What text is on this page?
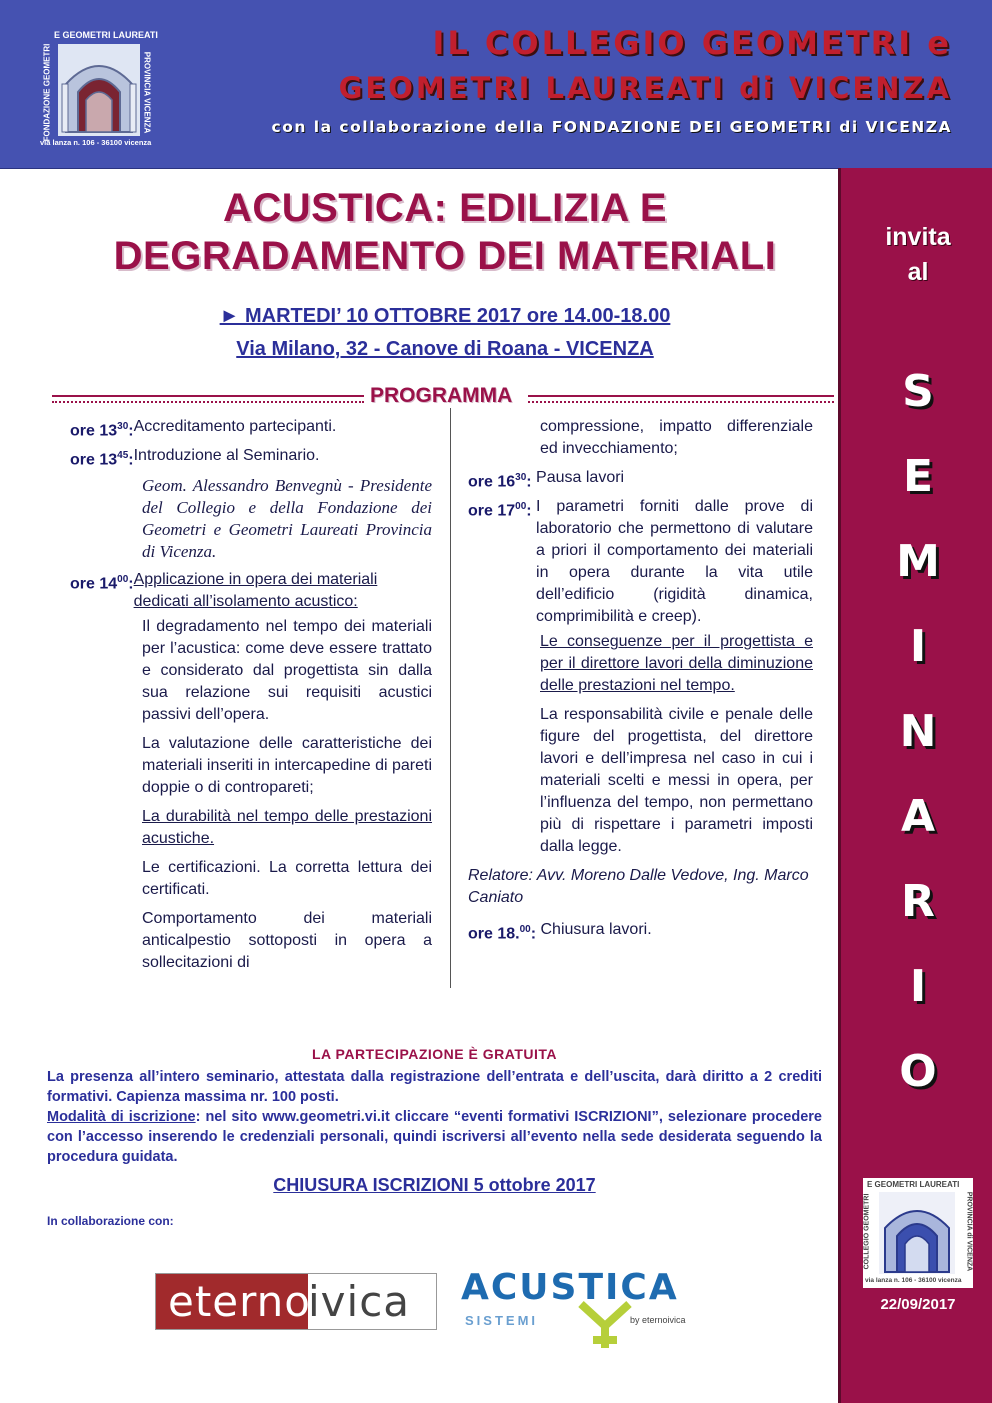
E GEOMETRI LAUREATI
FONDAZIONE GEOMETRI	PROVINCIA VICENZA
via lanza n. 106 - 36100 vicenza
IL COLLEGIO GEOMETRI e
GEOMETRI LAUREATI di VICENZA
con la collaborazione della FONDAZIONE DEI GEOMETRI di VICENZA
invita
al
S
E
M
I
N
A
R
I
O
E GEOMETRI LAUREATI
COLLEGIO GEOMETRI	PROVINCIA di VICENZA
via lanza n. 106 - 36100 vicenza
22/09/2017
ACUSTICA: EDILIZIA E
DEGRADAMENTO DEI MATERIALI
► MARTEDI’ 10 OTTOBRE 2017 ore 14.00-18.00
Via Milano, 32 - Canove di Roana - VICENZA
PROGRAMMA
ore $13^{30}$: Accreditamento partecipanti.
ore $13^{45}$: Introduzione al Seminario.
Geom. Alessandro Benvegnù - Presidente del Collegio e della Fondazione dei Geometri e Geometri Laureati Provincia di Vicenza.
ore $14^{00}$: Applicazione in opera dei materiali dedicati all’isolamento acustico:
Il degradamento nel tempo dei materiali per l’acustica: come deve essere trattato e considerato dal progettista sin dalla sua relazione sui requisiti acustici passivi dell’opera.
La valutazione delle caratteristiche dei materiali inseriti in intercapedine di pareti doppie o di contropareti;
La durabilità nel tempo delle prestazioni acustiche.
Le certificazioni. La corretta lettura dei certificati.
Comportamento dei materiali anticalpestio sottoposti in opera a sollecitazioni di
compressione, impatto differenziale ed invecchiamento;
ore $16^{30}$: Pausa lavori
ore $17^{00}$: I parametri forniti dalle prove di laboratorio che permettono di valutare a priori il comportamento dei materiali in opera durante la vita utile dell’edificio (rigidità dinamica, comprimibilità e creep).
Le conseguenze per il progettista e per il direttore lavori della diminuzione delle prestazioni nel tempo.
La responsabilità civile e penale delle figure del progettista, del direttore lavori e dell’impresa nel caso in cui i materiali scelti e messi in opera, per l’influenza del tempo, non permettano più di rispettare i parametri imposti dalla legge.
Relatore: Avv. Moreno Dalle Vedove, Ing. Marco Caniato
ore 18.00: Chiusura lavori.
LA PARTECIPAZIONE È GRATUITA

La presenza all’intero seminario, attestata dalla registrazione dell’entrata e dell’uscita, darà diritto a 2 crediti formativi. Capienza massima nr. 100 posti.

Modalità di iscrizione: nel sito www.geometri.vi.it cliccare “eventi formativi ISCRIZIONI”, selezionare procedere con l’accesso inserendo le credenziali personali, quindi iscriversi all’evento nella sede desiderata seguendo la procedura guidata.

CHIUSURA ISCRIZIONI 5 ottobre 2017
In collaborazione con:
eterno
ivica ACUSTICA
SISTEMI	by eternoivica
